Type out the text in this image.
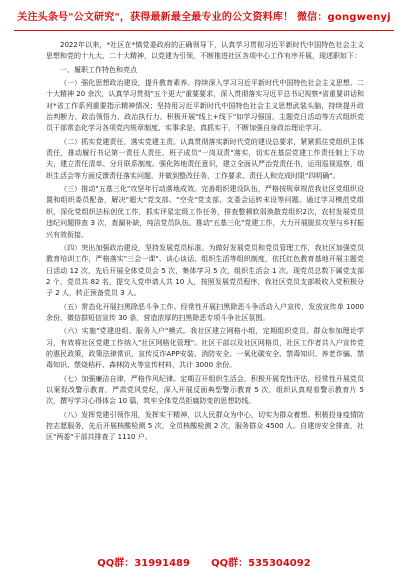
关注头条号"公文研究"，获得最新最全最专业的公文资料库！ 微信：gongwenyj

2022年以来，*社区在*镇党委政府的正确领导下，认真学习贯彻习近平新时代中国特色社会主义思想和党的十九大、二十大精神，以党建为引领，不断推进社区各项中心工作有序开展，现述职如下：

一、履职工作特色和亮点

（一）强化思想政治建设，提升教育素养。持续深入学习习近平新时代中国特色社会主义思想、二十大精神 20 余次，认真学习贯彻"五个更大"重要要求，深入贯彻落实习近平总书记视察*省重要讲话和对*省工作系列重要指示精神情况；坚持用习近平新时代中国特色社会主义思想武装头脑，持续提升政治判断力、政治领悟力、政治执行力。积极开展"线上+线下"如学习强国、主题党日活动等方式组织党员干部常态化学习各项党内规章制度、实事求是、真抓实干，不断加强自身政治理论学习。

（二）抓实党建责任，落实党建主责。认真贯彻落实新时代党的建设总要求，紧紧抓住党组织主体责任，推动履行书记第一责任人责任、班子成员"一岗双责"落实，切实在基层党建工作责任制上下功夫，建立责任清单、分月联系制度。强化阵地责任意识，建立全面从严治党责任书，运用巡视巡察，组织生活会等方面反馈责任落实问题，并做到整改任务、工作要求、责任人和完成时限"四明确"。

（三）推动"五基三化"攻坚年行动落地成效。完善组织建设队伍，严格按规章规范我社区党组织设置和组织委员配备，解决"超大"党支部、"空壳"党支部、支委会运转未设等问题。通过学习模范党组织，深化党组织法标创优工作，抓实评星定级工作任务，排查整顿软弱涣散党组织2次，农村发展党员违纪问题排查 3 次，查漏补缺，纯洁党员队伍。推动"五基三化"党建工作，大力开展脱贫攻坚与乡村振兴有效衔接。

（四）突出加强政治建设，坚持发展党员标准。为做好发展党员和党员管理工作，我社区加强党员教育培训工作，严格落实"三会一课"、谈心谈话、组织生活等组织制度，依托红色教育基地开展主题党日活动 12 次，先后开展全体党员会 5 次，集体学习 5 次，组织生活会 1 次。现党员总数下属党支部 2 个，党员共 82 名，提交入党申请人共 10 人，按照发展党员程序，我社区党员支部吸收入党积极分子 2 人，转正预备党员 3 人。

（五）常态化开展扫黑除恶斗争工作。经常性开展扫黑除恶斗争活动入户宣传，发放宣传单 1000 余份，微信群短信宣传 30 条，营造浓厚的扫黑除恶专项斗争社区氛围。

（六）实施"党建进组、服务入户"模式。我社区建立网格小组，定期组织党员、群众参加理论学习，有效将社区党建工作纳入"社区网格化管理"。社区干部以及社区网格员，社区工作者共入户宣传党的惠民政策，政策法律常识，宣传反诈APP安装、消防安全、一氧化碳安全、禁毒知识、养老诈骗、禁毒知识、禁烧秸秆、森林防火等宣传材料，共计 3000 余份。

（七）加强廉洁自律，严格作风纪律。定期召开组织生活会，积极开展党性评估，经常性开展党员以案促改警示教育，严肃党风党纪，深入开展反面典型警示教育 5 次，组织认真观看警示教育片 5 次，撰写学习心得体会 10 篇，筑牢全体党员拒腐防变的思想防线。

（八）发挥党建引领作用，发挥实干精神，以人民群众为中心，切实为群众着想。积极投身疫情防控志愿服务，先后开展核酸检测 5 次，全员核酸检测 2 次，服务群众 4500 人。自建房安全排查，社区"两委"干部共排查了 1110 户、

QQ群：31991489 QQ群：535304092
